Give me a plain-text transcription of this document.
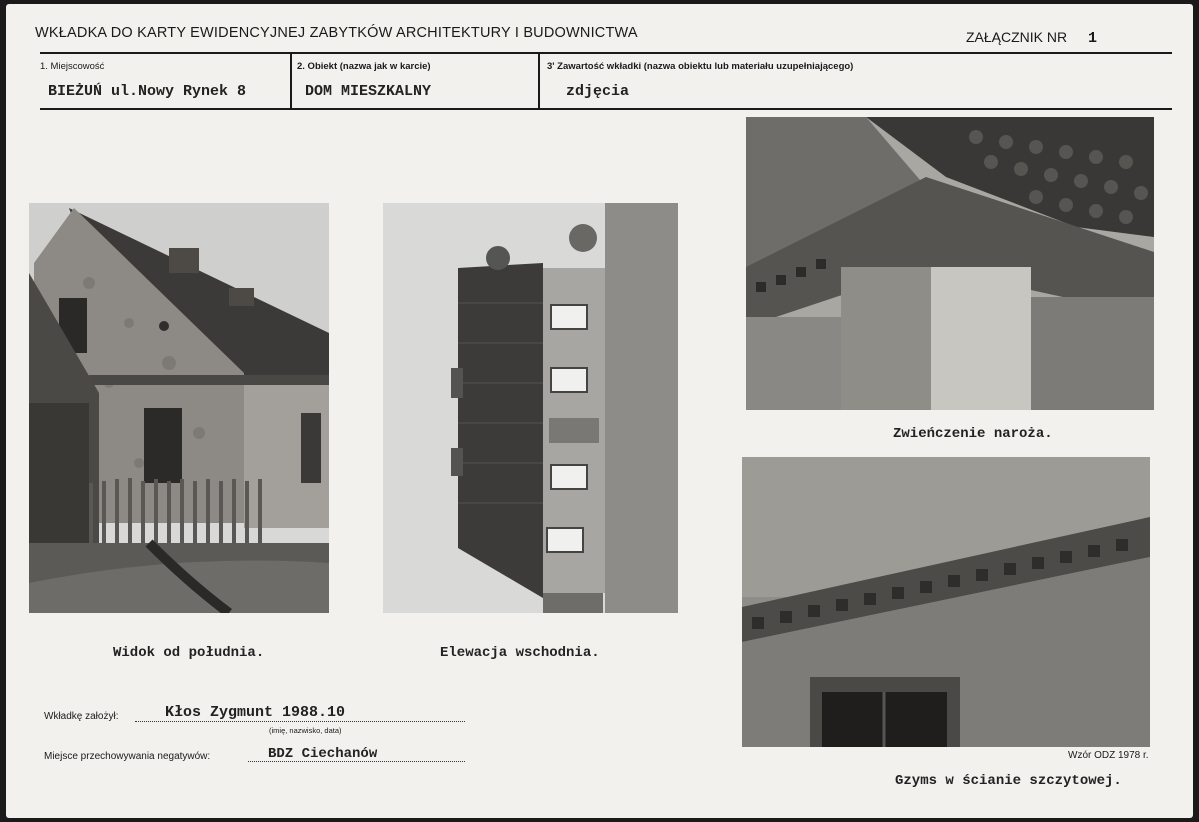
WKŁADKA DO KARTY EWIDENCYJNEJ ZABYTKÓW ARCHITEKTURY I BUDOWNICTWA	ZAŁĄCZNIK NR 1
1. Miejscowość	2. Obiekt (nazwa jak w karcie)	3' Zawartość wkładki (nazwa obiektu lub materiału uzupełniającego)
BIEŻUŃ ul.Nowy Rynek 8	DOM MIESZKALNY	zdjęcia
Widok od południa.	Elewacja wschodnia.
Zwieńczenie naroża.
Gzyms w ścianie szczytowej.
Wkładkę założył:	Kłos Zygmunt 1988.10
(imię, nazwisko, data)
Miejsce przechowywania negatywów:	BDZ Ciechanów	Wzór ODZ 1978 r.
